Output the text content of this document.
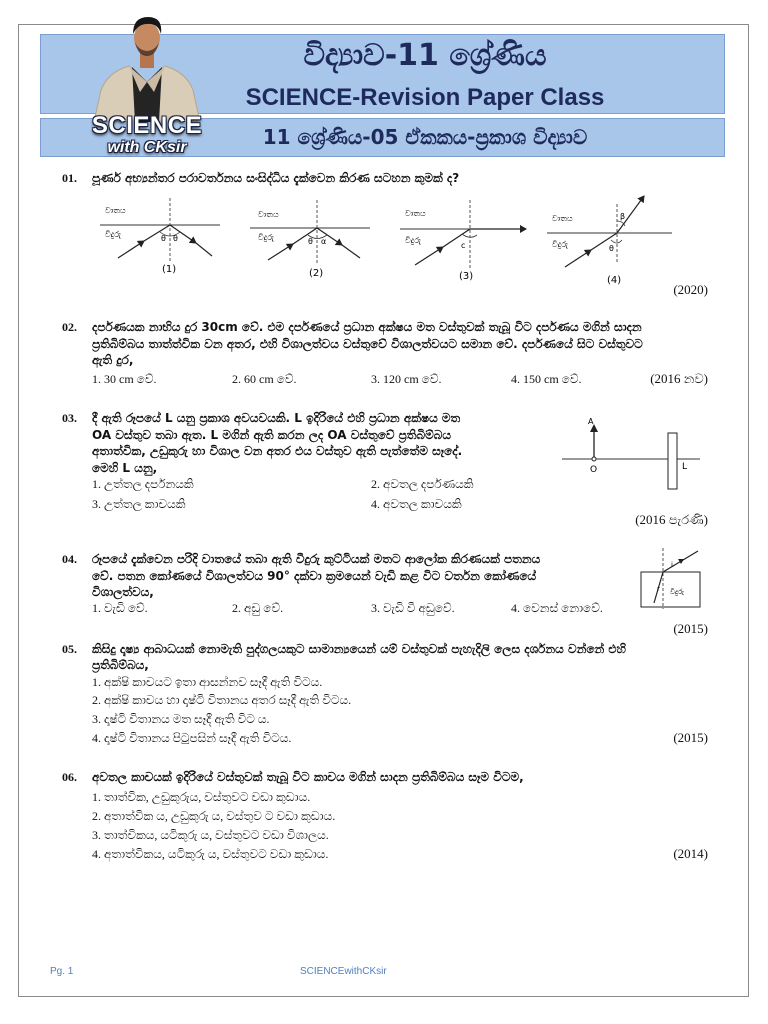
විද්‍යාව-11 ශ්‍රේණිය
SCIENCE-Revision Paper Class
11 ශ්‍රේණිය-05 ඒකකය-ප්‍රකාශ විද්‍යාව
SCIENCE
with CKsir
01. පූර්ණ අභ්‍යන්තර පරාවර්තනය සංසිද්ධිය දැක්වෙන කිරණ සටහන කුමක් ද?
වාතය
වීදුරු	θ θ
(1)
වාතය
වීදුරු	θ α
(2)
වාතය
වීදුරු
c
(3)
වාතය
වීදුරු	θ
β
(4)
(2020)
02. දර්පණයක නාභිය දුර 30cm වේ. එම දර්පණයේ ප්‍රධාන අක්ෂය මත වස්තුවක් තැබූ විට දර්පණය මගින් සාදන
ප්‍රතිබිම්බය තාත්ත්වික වන අතර, එහි විශාලත්වය වස්තුවේ විශාලත්වයට සමාන වේ. දර්පණයේ සිට වස්තුවට
ඇති දුර,
1. 30 cm වේ.	2. 60 cm වේ.	3. 120 cm වේ.	4. 150 cm වේ.	(2016 නව)
03. දී ඇති රූපයේ L යනු ප්‍රකාශ අවයවයකි. L ඉදිරියේ එහි ප්‍රධාන අක්ෂය මත
OA වස්තුව තබා ඇත. L මගින් ඇති කරන ලද OA වස්තුවේ ප්‍රතිබිම්බය
අතාත්වික, උඩුකුරු හා විශාල වන අතර එය වස්තුව ඇති පැත්තේම සෑදේ.
මෙහි L යනු,
1. උත්තල දර්පනයකි	2. අවතල දර්පණයකි
3. උත්තල කාචයකි	4. අවතල කාචයකි
(2016 පැරණි)
A
O	L
04. රූපයේ දැක්වෙන පරිදි වාතයේ තබා ඇති වීදුරු කුට්ටියක් මතට ආලෝක කිරණයක් පතනය
වේ. පතන කෝණයේ විශාලත්වය 90° දක්වා ක්‍රමයෙන් වැඩි කළ විට වර්තන කෝණයේ
විශාලත්වය,
1. වැඩි වේ.	2. අඩු වේ.	3. වැඩි වී අඩුවේ.	4. වෙනස් නොවේ.
(2015)
i
r වීදුරු
05. කිසිදු දෘෂ්‍ය ආබාධයක් නොමැති පුද්ගලයකුට සාමාන්‍යයෙන් යම් වස්තුවක් පැහැදිලි ලෙස දර්ශනය වන්නේ එහි
ප්‍රතිබිම්බය,
1. අක්ෂි කාචයට ඉතා ආසන්නව සෑදී ඇති විටය.
2. අක්ෂි කාචය හා දෘෂ්ටි විතානය අතර සෑදී ඇති විටය.
3. දෘෂ්ටි විතානය මත සෑදී ඇති විට ය.
4. දෘෂ්ටි විතානය පිටුපසින් සෑදී ඇති විටය.	(2015)
06. අවතල කාචයක් ඉදිරියේ වස්තුවක් තැබූ විට කාචය මගින් සාදන ප්‍රතිබිම්බය සෑම විටම,
1. තාත්වික, උඩුකුරුය, වස්තුවට වඩා කුඩාය.
2. අතාත්වික ය, උඩුකුරු ය, වස්තුව ට වඩා කුඩාය.
3. තාත්විකය, යටිකුරු ය, වස්තුවට වඩා විශාලය.
4. අතාත්විකය, යටිකුරු ය, වස්තුවට වඩා කුඩාය.	(2014)
Pg. 1	SCIENCEwithCKsir
